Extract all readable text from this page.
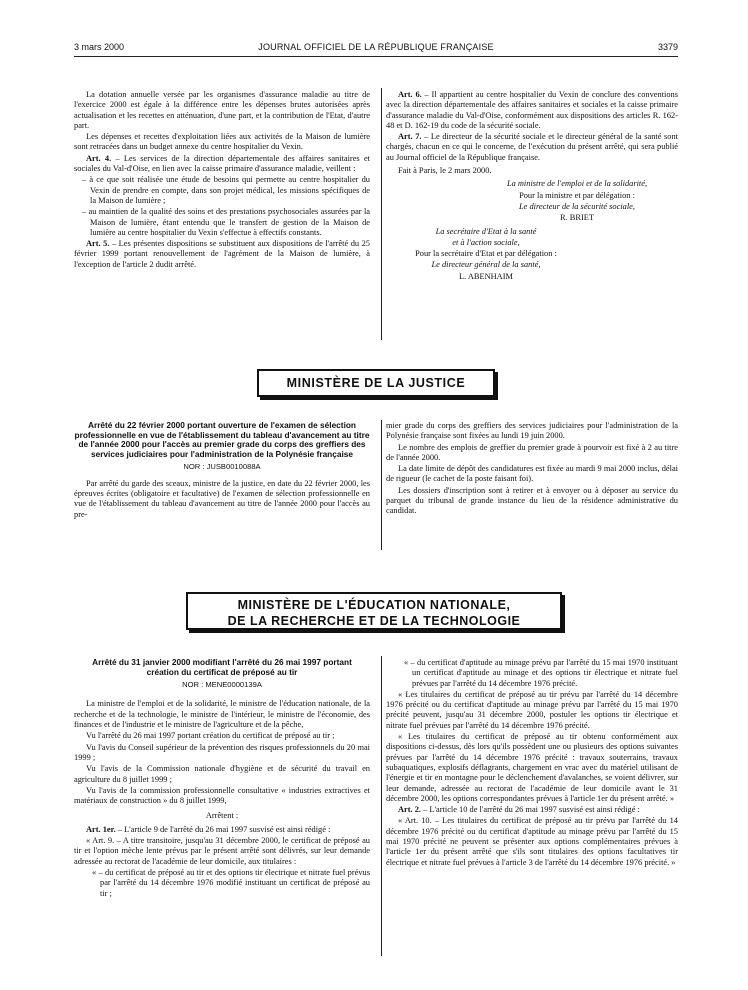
3 mars 2000	JOURNAL OFFICIEL DE LA RÉPUBLIQUE FRANÇAISE	3379

La dotation annuelle versée par les organismes d'assurance maladie au titre de l'exercice 2000 est égale à la différence entre les dépenses brutes autorisées après actualisation et les recettes en atténuation, d'une part, et la contribution de l'Etat, d'autre part.

Les dépenses et recettes d'exploitation liées aux activités de la Maison de lumière sont retracées dans un budget annexe du centre hospitalier du Vexin.

Art. 4. – Les services de la direction départementale des affaires sanitaires et sociales du Val-d'Oise, en lien avec la caisse primaire d'assurance maladie, veillent :

– à ce que soit réalisée une étude de besoins qui permette au centre hospitalier du Vexin de prendre en compte, dans son projet médical, les missions spécifiques de la Maison de lumière ;

– au maintien de la qualité des soins et des prestations psychosociales assurées par la Maison de lumière, étant entendu que le transfert de gestion de la Maison de lumière au centre hospitalier du Vexin s'effectue à effectifs constants.

Art. 5. – Les présentes dispositions se substituent aux dispositions de l'arrêté du 25 février 1999 portant renouvellement de l'agrément de la Maison de lumière, à l'exception de l'article 2 dudit arrêté.

Art. 6. – Il appartient au centre hospitalier du Vexin de conclure des conventions avec la direction départementale des affaires sanitaires et sociales et la caisse primaire d'assurance maladie du Val-d'Oise, conformément aux dispositions des articles R. 162-48 et D. 162-19 du code de la sécurité sociale.

Art. 7. – Le directeur de la sécurité sociale et le directeur général de la santé sont chargés, chacun en ce qui le concerne, de l'exécution du présent arrêté, qui sera publié au Journal officiel de la République française.

Fait à Paris, le 2 mars 2000.

La ministre de l'emploi et de la solidarité,

Pour la ministre et par délégation :

Le directeur de la sécurité sociale,

R. BRIET

La secrétaire d'Etat à la santé

et à l'action sociale,

Pour la secrétaire d'Etat et par délégation :

Le directeur général de la santé,

L. ABENHAIM

MINISTÈRE DE LA JUSTICE

Arrêté du 22 février 2000 portant ouverture de l'examen de sélection professionnelle en vue de l'établissement du tableau d'avancement au titre de l'année 2000 pour l'accès au premier grade du corps des greffiers des services judiciaires pour l'administration de la Polynésie française

NOR : JUSB0010088A

Par arrêté du garde des sceaux, ministre de la justice, en date du 22 février 2000, les épreuves écrites (obligatoire et facultative) de l'examen de sélection professionnelle en vue de l'établissement du tableau d'avancement au titre de l'année 2000 pour l'accès au pre-

mier grade du corps des greffiers des services judiciaires pour l'administration de la Polynésie française sont fixées au lundi 19 juin 2000.

Le nombre des emplois de greffier du premier grade à pourvoir est fixé à 2 au titre de l'année 2000.

La date limite de dépôt des candidatures est fixée au mardi 9 mai 2000 inclus, délai de rigueur (le cachet de la poste faisant foi).

Les dossiers d'inscription sont à retirer et à envoyer ou à déposer au service du parquet du tribunal de grande instance du lieu de la résidence administrative du candidat.

MINISTÈRE DE L'ÉDUCATION NATIONALE,
DE LA RECHERCHE ET DE LA TECHNOLOGIE

Arrêté du 31 janvier 2000 modifiant l'arrêté du 26 mai 1997 portant création du certificat de préposé au tir

NOR : MENE0000139A

La ministre de l'emploi et de la solidarité, le ministre de l'éducation nationale, de la recherche et de la technologie, le ministre de l'intérieur, le ministre de l'économie, des finances et de l'industrie et le ministre de l'agriculture et de la pêche,

Vu l'arrêté du 26 mai 1997 portant création du certificat de préposé au tir ;

Vu l'avis du Conseil supérieur de la prévention des risques professionnels du 20 mai 1999 ;

Vu l'avis de la Commission nationale d'hygiène et de sécurité du travail en agriculture du 8 juillet 1999 ;

Vu l'avis de la commission professionnelle consultative « industries extractives et matériaux de construction » du 8 juillet 1999,

Arrêtent :

Art. 1er. – L'article 9 de l'arrêté du 26 mai 1997 susvisé est ainsi rédigé :

« Art. 9. – A titre transitoire, jusqu'au 31 décembre 2000, le certificat de préposé au tir et l'option mèche lente prévus par le présent arrêté sont délivrés, sur leur demande adressée au rectorat de l'académie de leur domicile, aux titulaires :

« – du certificat de préposé au tir et des options tir électrique et nitrate fuel prévus par l'arrêté du 14 décembre 1976 modifié instituant un certificat de préposé au tir ;

« – du certificat d'aptitude au minage prévu par l'arrêté du 15 mai 1970 instituant un certificat d'aptitude au minage et des options tir électrique et nitrate fuel prévues par l'arrêté du 14 décembre 1976 précité.

« Les titulaires du certificat de préposé au tir prévu par l'arrêté du 14 décembre 1976 précité ou du certificat d'aptitude au minage prévu par l'arrêté du 15 mai 1970 précité peuvent, jusqu'au 31 décembre 2000, postuler les options tir électrique et nitrate fuel prévues par l'arrêté du 14 décembre 1976 précité.

« Les titulaires du certificat de préposé au tir obtenu conformément aux dispositions ci-dessus, dès lors qu'ils possèdent une ou plusieurs des options suivantes prévues par l'arrêté du 14 décembre 1976 précité : travaux souterrains, travaux subaquatiques, explosifs déflagrants, chargement en vrac avec du matériel utilisant de l'énergie et tir en montagne pour le déclenchement d'avalanches, se voient délivrer, sur leur demande, adressée au rectorat de l'académie de leur domicile avant le 31 décembre 2000, les options correspondantes prévues à l'article 1er du présent arrêté. »

Art. 2. – L'article 10 de l'arrêté du 26 mai 1997 susvisé est ainsi rédigé :

« Art. 10. – Les titulaires du certificat de préposé au tir prévu par l'arrêté du 14 décembre 1976 précité ou du certificat d'aptitude au minage prévu par l'arrêté du 15 mai 1970 précité ne peuvent se présenter aux options complémentaires prévues à l'article 1er du présent arrêté que s'ils sont titulaires des options facultatives tir électrique et nitrate fuel prévues à l'article 3 de l'arrêté du 14 décembre 1976 précité. »
